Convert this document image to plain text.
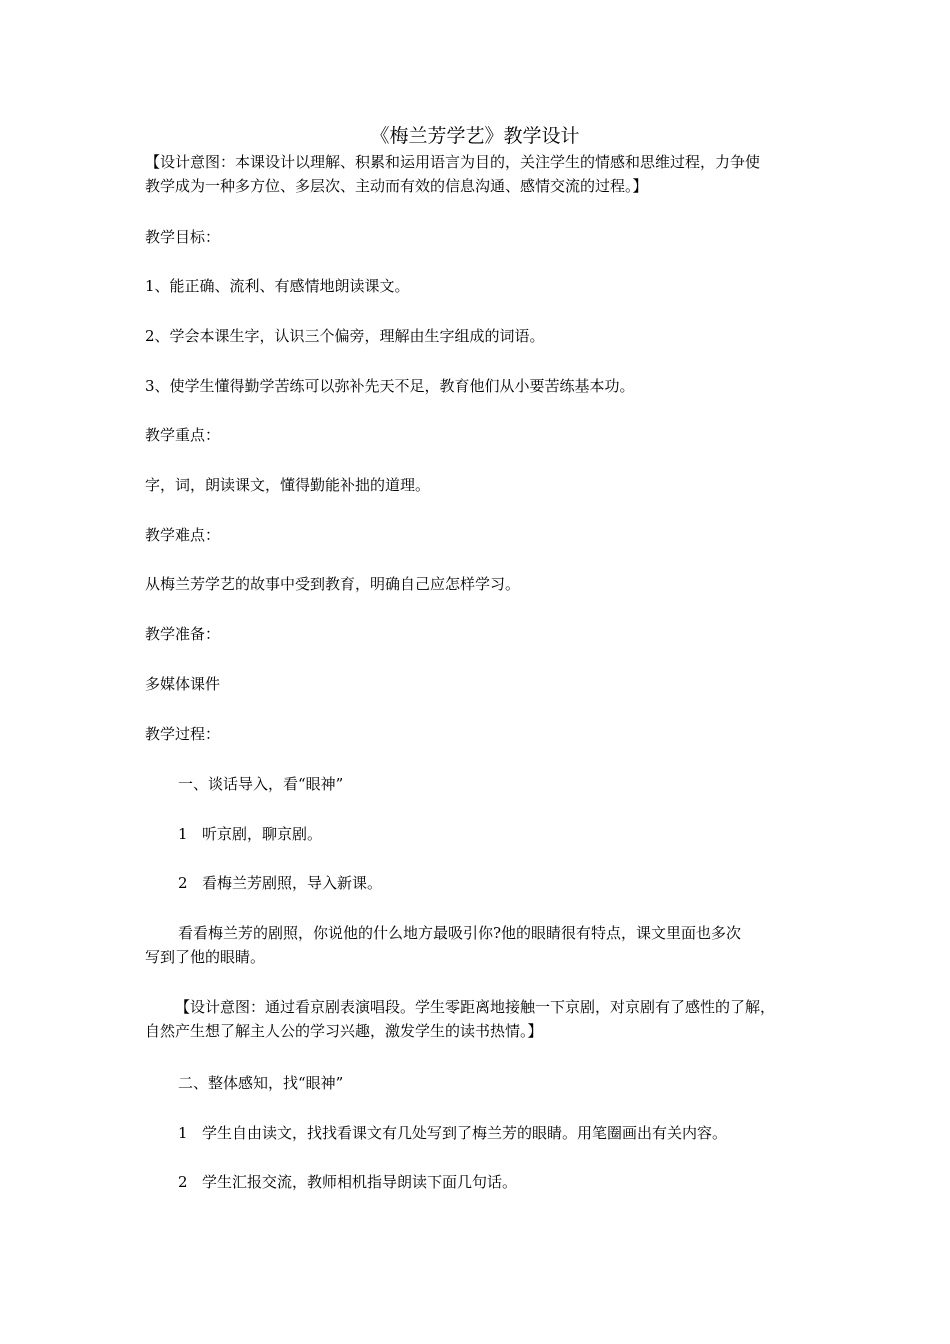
《梅兰芳学艺》教学设计
【设计意图：本课设计以理解、积累和运用语言为目的，关注学生的情感和思维过程，力争使
教学成为一种多方位、多层次、主动而有效的信息沟通、感情交流的过程。】
教学目标：
1、能正确、流利、有感情地朗读课文。
2、学会本课生字，认识三个偏旁，理解由生字组成的词语。
3、使学生懂得勤学苦练可以弥补先天不足，教育他们从小要苦练基本功。
教学重点：
字，词，朗读课文，懂得勤能补拙的道理。
教学难点：
从梅兰芳学艺的故事中受到教育，明确自己应怎样学习。
教学准备：
多媒体课件
教学过程：
一、谈话导入，看“眼神”
1 听京剧，聊京剧。
2 看梅兰芳剧照，导入新课。
看看梅兰芳的剧照，你说他的什么地方最吸引你?他的眼睛很有特点，课文里面也多次
写到了他的眼睛。
【设计意图：通过看京剧表演唱段。学生零距离地接触一下京剧，对京剧有了感性的了解，
自然产生想了解主人公的学习兴趣，激发学生的读书热情。】
二、整体感知，找“眼神”
1 学生自由读文，找找看课文有几处写到了梅兰芳的眼睛。用笔圈画出有关内容。
2 学生汇报交流，教师相机指导朗读下面几句话。
